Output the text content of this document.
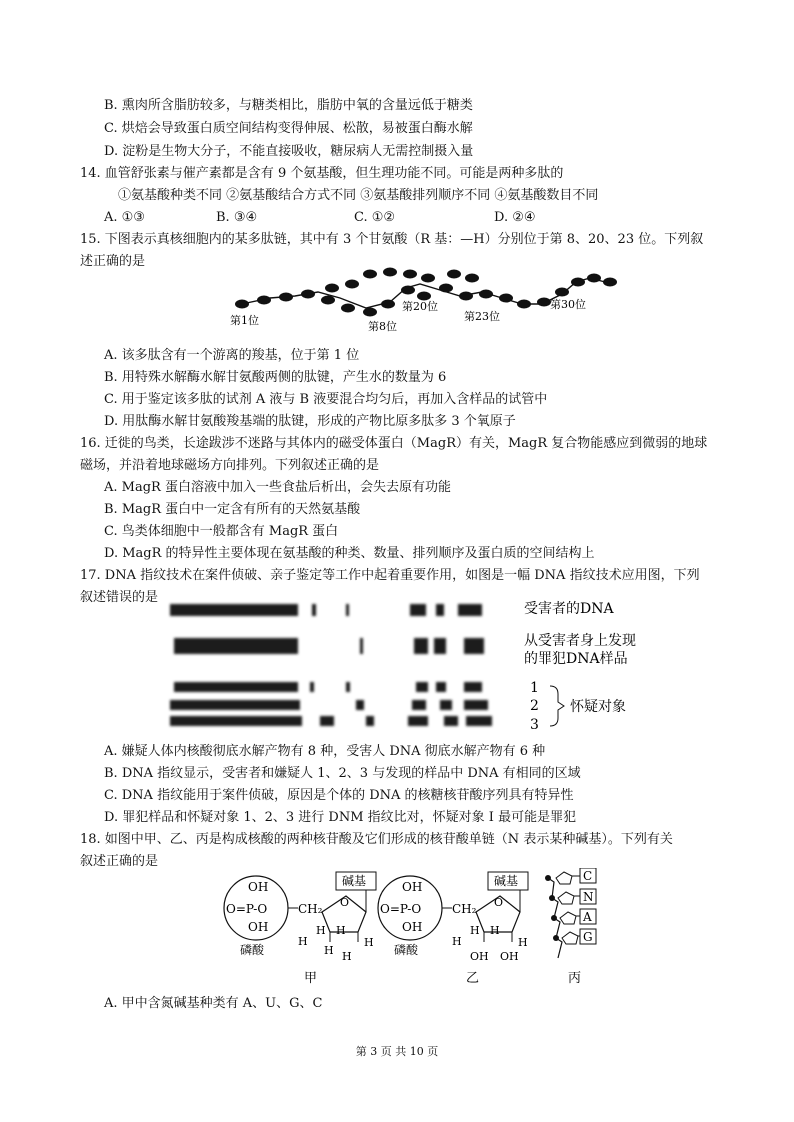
B. 熏肉所含脂肪较多，与糖类相比，脂肪中氧的含量远低于糖类
C. 烘焙会导致蛋白质空间结构变得伸展、松散，易被蛋白酶水解
D. 淀粉是生物大分子，不能直接吸收，糖尿病人无需控制摄入量
14. 血管舒张素与催产素都是含有 9 个氨基酸，但生理功能不同。可能是两种多肽的
①氨基酸种类不同 ②氨基酸结合方式不同 ③氨基酸排列顺序不同 ④氨基酸数目不同
A. ①③	B. ③④	C. ①②	D. ②④
15. 下图表示真核细胞内的某多肽链，其中有 3 个甘氨酸（R 基：—H）分别位于第 8、20、23 位。下列叙
述正确的是
第1位	第8位
第20位
第23位
第30位
A. 该多肽含有一个游离的羧基，位于第 1 位
B. 用特殊水解酶水解甘氨酸两侧的肽键，产生水的数量为 6
C. 用于鉴定该多肽的试剂 A 液与 B 液要混合均匀后，再加入含样品的试管中
D. 用肽酶水解甘氨酸羧基端的肽键，形成的产物比原多肽多 3 个氧原子
16. 迁徙的鸟类，长途跋涉不迷路与其体内的磁受体蛋白（MagR）有关，MagR 复合物能感应到微弱的地球
磁场，并沿着地球磁场方向排列。下列叙述正确的是
A. MagR 蛋白溶液中加入一些食盐后析出，会失去原有功能
B. MagR 蛋白中一定含有所有的天然氨基酸
C. 鸟类体细胞中一般都含有 MagR 蛋白
D. MagR 的特异性主要体现在氨基酸的种类、数量、排列顺序及蛋白质的空间结构上
17. DNA 指纹技术在案件侦破、亲子鉴定等工作中起着重要作用，如图是一幅 DNA 指纹技术应用图，下列
叙述错误的是
受害者的DNA
从受害者身上发现
的罪犯DNA样品
1
2
3
怀疑对象
A. 嫌疑人体内核酸彻底水解产物有 8 种，受害人 DNA 彻底水解产物有 6 种
B. DNA 指纹显示，受害者和嫌疑人 1、2、3 与发现的样品中 DNA 有相同的区域
C. DNA 指纹能用于案件侦破，原因是个体的 DNA 的核糖核苷酸序列具有特异性
D. 罪犯样品和怀疑对象 1、2、3 进行 DNM 指纹比对，怀疑对象 I 最可能是罪犯
18. 如图中甲、乙、丙是构成核酸的两种核苷酸及它们形成的核苷酸单链（N 表示某种碱基）。下列有关
叙述正确的是
OH
O=P-O
OH
CH₂ O
碱基
H
H H
H
H H
磷酸
甲
OH
O=P-O
OH
CH₂ O
碱基
H
H H
H
OH OH
磷酸
乙
C
N
A
G
丙
A. 甲中含氮碱基种类有 A、U、G、C
第 3 页 共 10 页
